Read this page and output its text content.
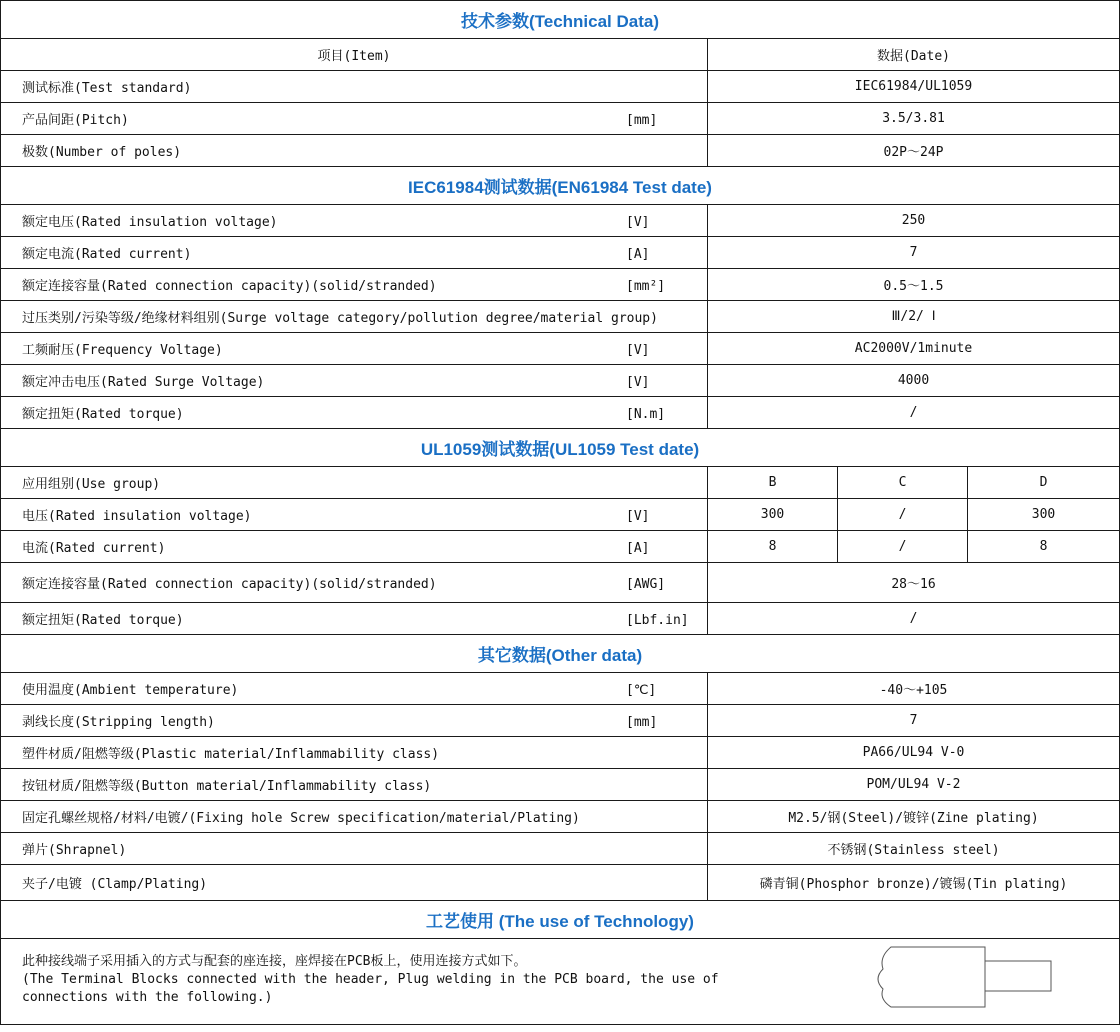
技术参数(Technical Data)			
项目(Item)	数据(Date)		
测试标准(Test standard)	IEC61984/UL1059		
产品间距(Pitch) [mm]	3.5/3.81		
极数(Number of poles)	02P～24P		
IEC61984测试数据(EN61984 Test date)			
额定电压(Rated insulation voltage) [V]	250		
额定电流(Rated current) [A]	7		
额定连接容量(Rated connection capacity)(solid/stranded) [mm²]	0.5～1.5		
过压类别/污染等级/绝缘材料组别(Surge voltage category/pollution degree/material group)	Ⅲ/2/ Ⅰ		
工频耐压(Frequency Voltage) [V]	AC2000V/1minute		
额定冲击电压(Rated Surge Voltage) [V]	4000		
额定扭矩(Rated torque) [N.m]	/		
UL1059测试数据(UL1059 Test date)			
应用组别(Use group)	B	C	D
电压(Rated insulation voltage) [V]	300	/	300
电流(Rated current) [A]	8	/	8
额定连接容量(Rated connection capacity)(solid/stranded) [AWG]	28～16		
额定扭矩(Rated torque) [Lbf.in]	/		
其它数据(Other data)			
使用温度(Ambient temperature) [℃]	-40～+105		
剥线长度(Stripping length) [mm]	7		
塑件材质/阻燃等级(Plastic material/Inflammability class)	PA66/UL94 V-0		
按钮材质/阻燃等级(Button material/Inflammability class)	POM/UL94 V-2		
固定孔螺丝规格/材料/电镀/(Fixing hole Screw specification/material/Plating)	M2.5/钢(Steel)/镀锌(Zine plating)		
弹片(Shrapnel)	不锈钢(Stainless steel)		
夹子/电镀 (Clamp/Plating)	磷青铜(Phosphor bronze)/镀锡(Tin plating)		
工艺使用 (The use of Technology)			

此种接线端子采用插入的方式与配套的座连接，座焊接在PCB板上，使用连接方式如下。
(The Terminal Blocks connected with the header, Plug welding in the PCB board, the use of connections with the following.)			
